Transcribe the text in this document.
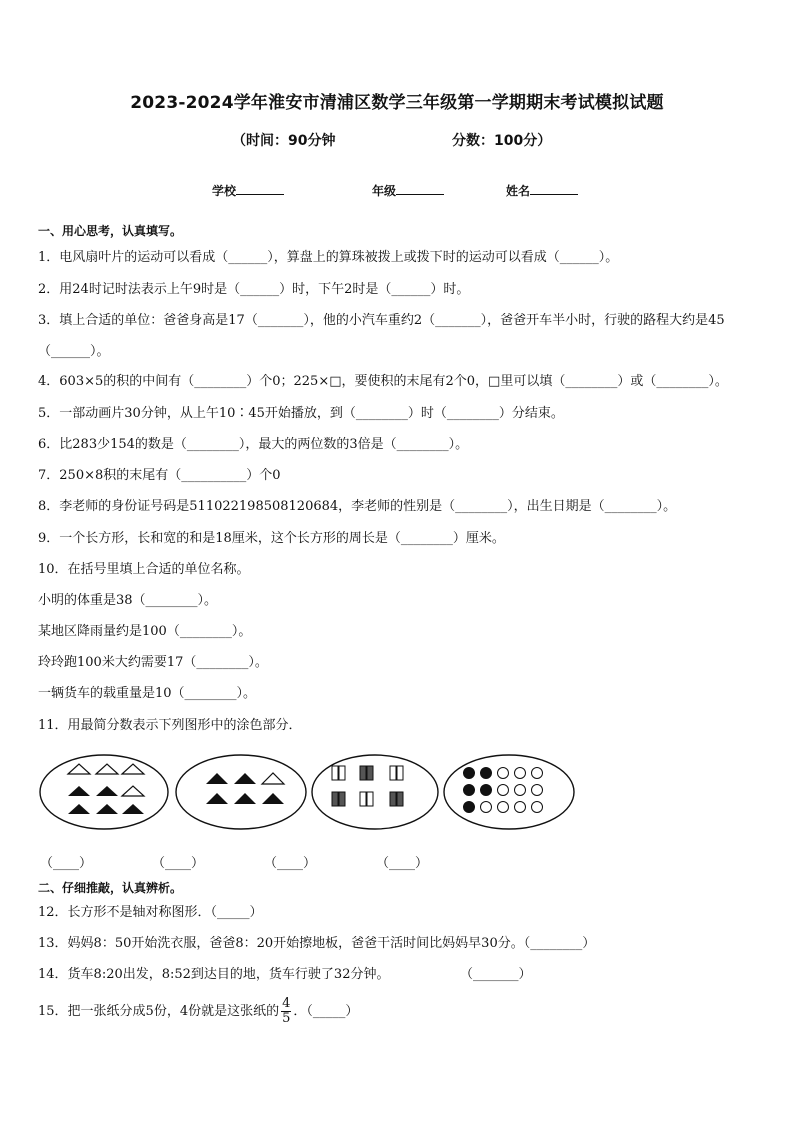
2023-2024学年淮安市清浦区数学三年级第一学期期末考试模拟试题
（时间：90分钟	分数：100分）
学校	年级	姓名
一、用心思考，认真填写。
1．电风扇叶片的运动可以看成（______），算盘上的算珠被拨上或拨下时的运动可以看成（______）。
2．用24时记时法表示上午9时是（______）时，下午2时是（______）时。
3．填上合适的单位：爸爸身高是17（_______），他的小汽车重约2（_______），爸爸开车半小时，行驶的路程大约是45（______）。
4．603×5的积的中间有（________）个0；225×□，要使积的末尾有2个0，□里可以填（________）或（________）。
5．一部动画片30分钟，从上午10∶45开始播放，到（________）时（________）分结束。
6．比283少154的数是（________），最大的两位数的3倍是（________）。
7．250×8积的末尾有（__________）个0
8．李老师的身份证号码是511022198508120684，李老师的性别是（________），出生日期是（________）。
9．一个长方形，长和宽的和是18厘米，这个长方形的周长是（________）厘米。
10．在括号里填上合适的单位名称。
小明的体重是38（________）。
某地区降雨量约是100（________）。
玲玲跑100米大约需要17（________）。
一辆货车的载重量是10（________）。
11．用最简分数表示下列图形中的涂色部分．
（____）	（____）	（____）	（____）
二、仔细推敲，认真辨析。
12．长方形不是轴对称图形．（_____）
13．妈妈8：50开始洗衣服，爸爸8：20开始擦地板，爸爸干活时间比妈妈早30分。（________）
14．货车8:20出发，8:52到达目的地，货车行驶了32分钟。	（_______）
15．把一张纸分成5份，4份就是这张纸的 $\frac{4}{5}$ ．（_____）
